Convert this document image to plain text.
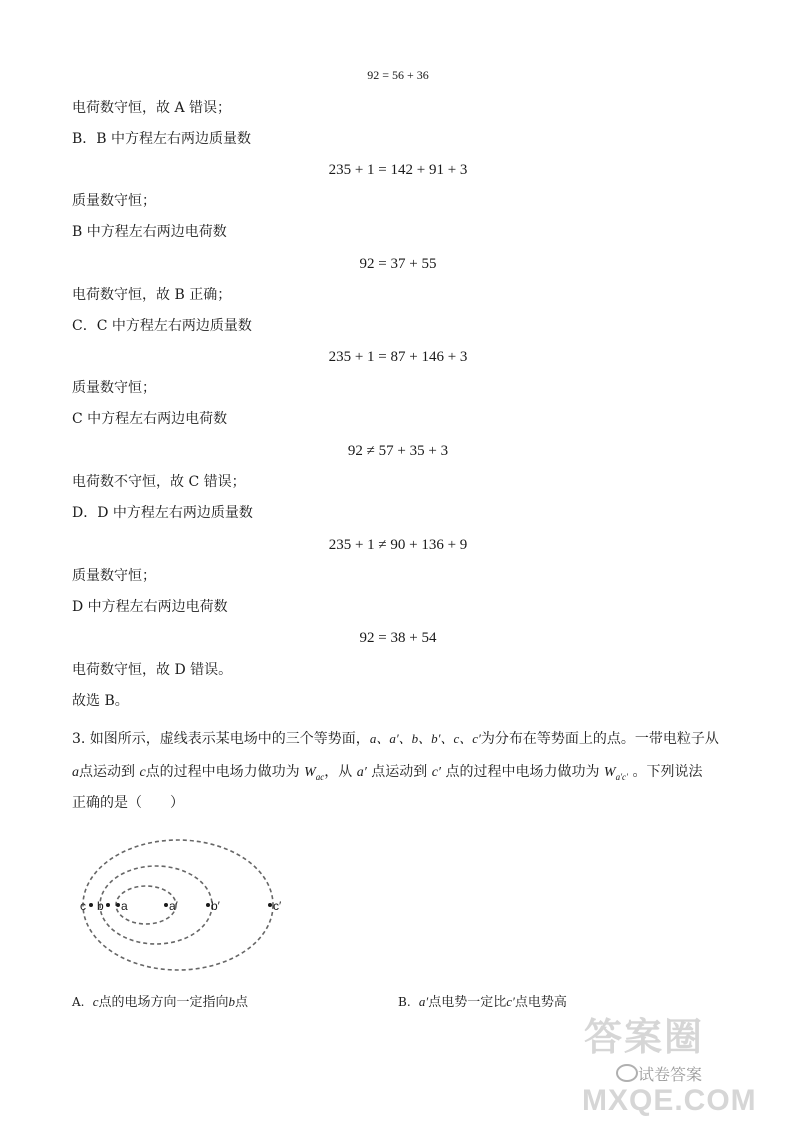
92 = 56 + 36
电荷数守恒，故 A 错误；
B．B 中方程左右两边质量数
235 + 1 = 142 + 91 + 3
质量数守恒；
B 中方程左右两边电荷数
92 = 37 + 55
电荷数守恒，故 B 正确；
C．C 中方程左右两边质量数
235 + 1 = 87 + 146 + 3
质量数守恒；
C 中方程左右两边电荷数
92 ≠ 57 + 35 + 3
电荷数不守恒，故 C 错误；
D．D 中方程左右两边质量数
235 + 1 ≠ 90 + 136 + 9
质量数守恒；
D 中方程左右两边电荷数
92 = 38 + 54
电荷数守恒，故 D 错误。
故选 B。
3. 如图所示，虚线表示某电场中的三个等势面，a、a′、b、b′、c、c′为分布在等势面上的点。一带电粒子从
a点运动到 c点的过程中电场力做功为 $W_{ac}$，从 a′ 点运动到 c′ 点的过程中电场力做功为 $W_{a'c'}$ 。下列说法
正确的是（　　）
c b a	a′	b′	c′
A. c点的电场方向一定指向b点	B. a′点电势一定比c′点电势高
答案圈
试卷答案
MXQE.COM
